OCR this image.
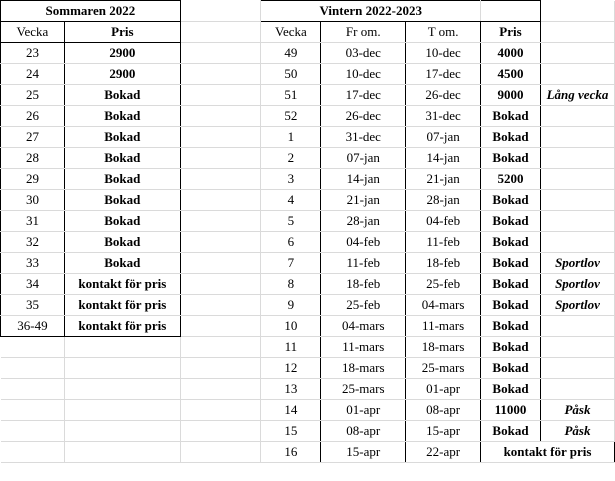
Sommaren 2022			Vintern 2022-2023				
Vecka	Pris		Vecka	Fr om.	T om.	Pris	
23	2900		49	03-dec	10-dec	4000	
24	2900		50	10-dec	17-dec	4500	
25	Bokad		51	17-dec	26-dec	9000	Lång vecka
26	Bokad		52	26-dec	31-dec	Bokad	
27	Bokad		1	31-dec	07-jan	Bokad	
28	Bokad		2	07-jan	14-jan	Bokad	
29	Bokad		3	14-jan	21-jan	5200	
30	Bokad		4	21-jan	28-jan	Bokad	
31	Bokad		5	28-jan	04-feb	Bokad	
32	Bokad		6	04-feb	11-feb	Bokad	
33	Bokad		7	11-feb	18-feb	Bokad	Sportlov
34	kontakt för pris		8	18-feb	25-feb	Bokad	Sportlov
35	kontakt för pris		9	25-feb	04-mars	Bokad	Sportlov
36-49	kontakt för pris		10	04-mars	11-mars	Bokad	
			11	11-mars	18-mars	Bokad	
			12	18-mars	25-mars	Bokad	
			13	25-mars	01-apr	Bokad	
			14	01-apr	08-apr	11000	Påsk
			15	08-apr	15-apr	Bokad	Påsk
			16	15-apr	22-apr	kontakt för pris	
